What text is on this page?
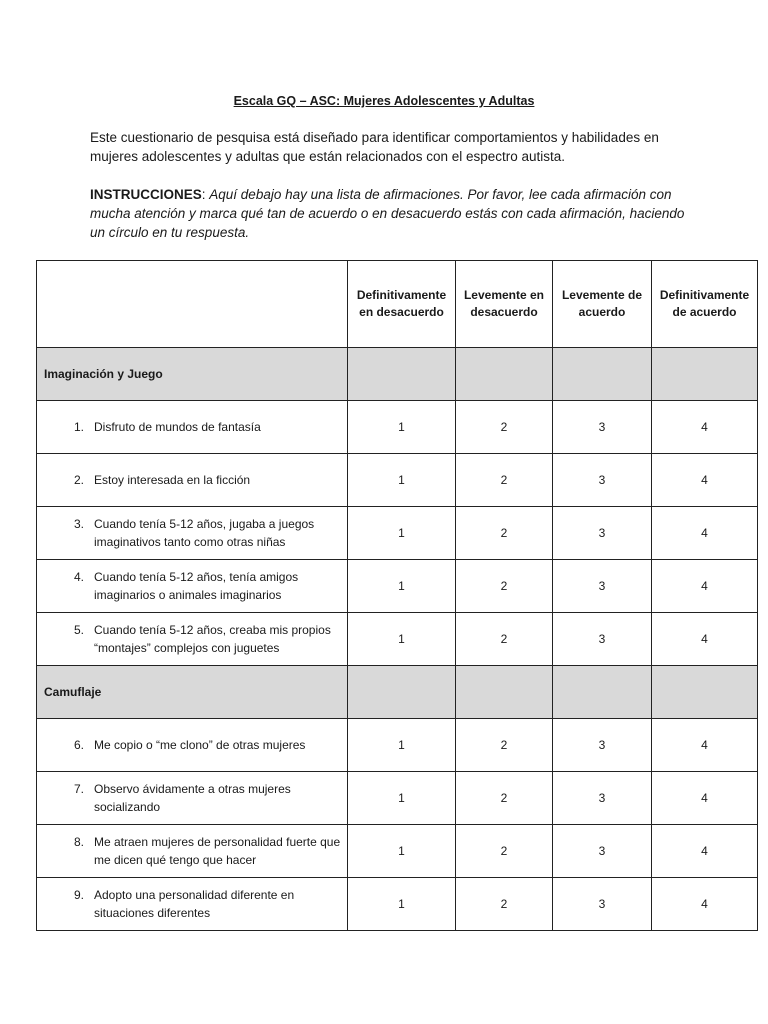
Escala GQ – ASC: Mujeres Adolescentes y Adultas
Este cuestionario de pesquisa está diseñado para identificar comportamientos y habilidades en mujeres adolescentes y adultas que están relacionados con el espectro autista.
INSTRUCCIONES: Aquí debajo hay una lista de afirmaciones. Por favor, lee cada afirmación con mucha atención y marca qué tan de acuerdo o en desacuerdo estás con cada afirmación, haciendo un círculo en tu respuesta.
	Definitivamente en desacuerdo	Levemente en desacuerdo	Levemente de acuerdo	Definitivamente de acuerdo
Imaginación y Juego				

1. Disfruto de mundos de fantasía	1	2	3	4

2. Estoy interesada en la ficción	1	2	3	4

3. Cuando tenía 5-12 años, jugaba a juegos imaginativos tanto como otras niñas	1	2	3	4

4. Cuando tenía 5-12 años, tenía amigos imaginarios o animales imaginarios	1	2	3	4

5. Cuando tenía 5-12 años, creaba mis propios “montajes” complejos con juguetes	1	2	3	4
Camuflaje				

6. Me copio o “me clono” de otras mujeres	1	2	3	4

7. Observo ávidamente a otras mujeres socializando	1	2	3	4

8. Me atraen mujeres de personalidad fuerte que me dicen qué tengo que hacer	1	2	3	4

9. Adopto una personalidad diferente en situaciones diferentes	1	2	3	4
